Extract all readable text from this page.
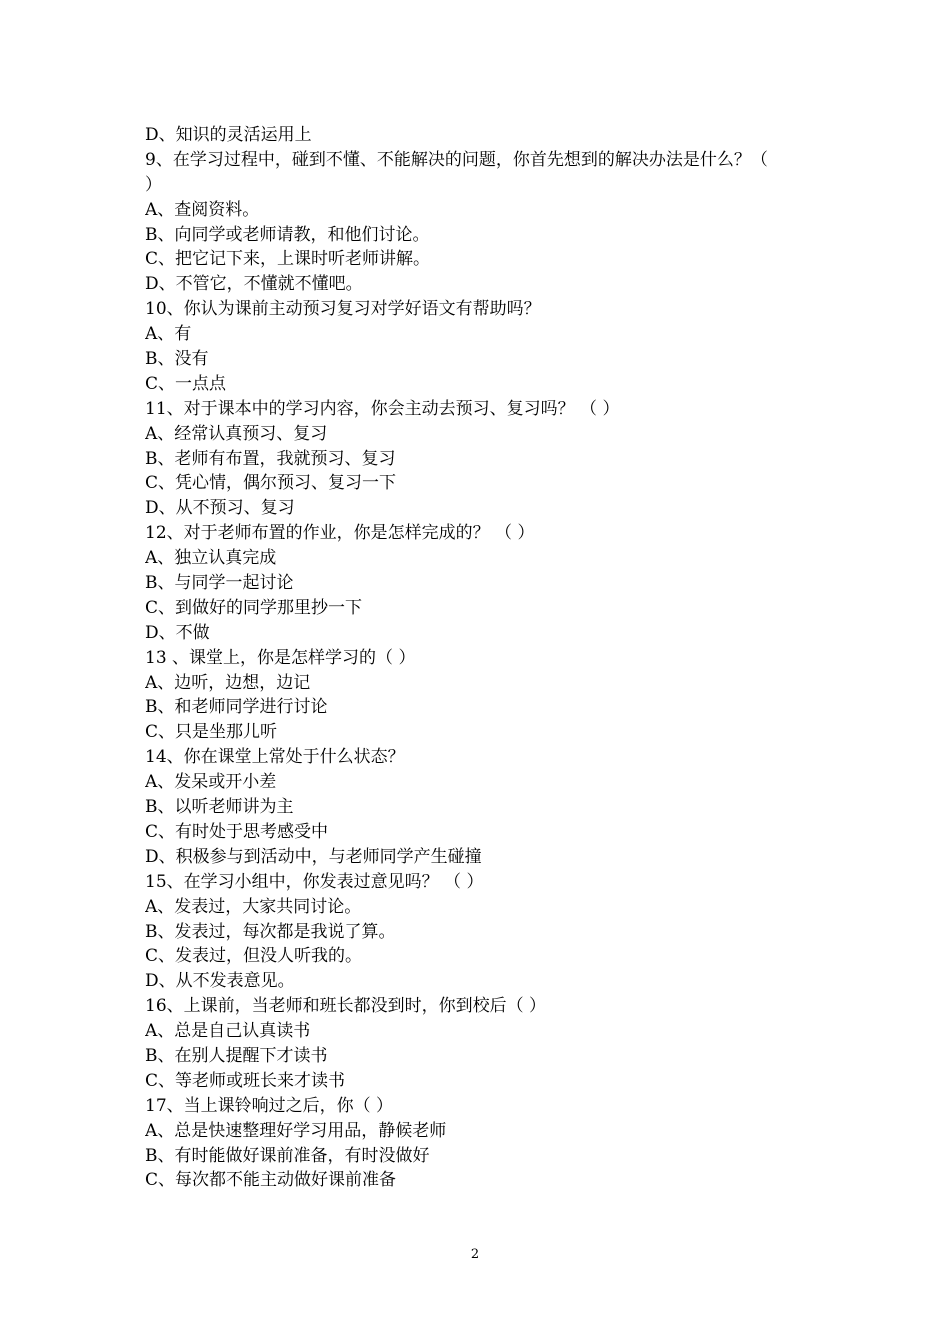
D、知识的灵活运用上
9、在学习过程中，碰到不懂、不能解决的问题，你首先想到的解决办法是什么？（
）
A、查阅资料。
B、向同学或老师请教，和他们讨论。
C、把它记下来，上课时听老师讲解。
D、不管它，不懂就不懂吧。
10、你认为课前主动预习复习对学好语文有帮助吗？
A、有
B、没有
C、一点点
11、对于课本中的学习内容，你会主动去预习、复习吗？ （ ）
A、经常认真预习、复习
B、老师有布置，我就预习、复习
C、凭心情，偶尔预习、复习一下
D、从不预习、复习
12、对于老师布置的作业，你是怎样完成的？ （ ）
A、独立认真完成
B、与同学一起讨论
C、到做好的同学那里抄一下
D、不做
13 、课堂上，你是怎样学习的（ ）
A、边听，边想，边记
B、和老师同学进行讨论
C、只是坐那儿听
14、你在课堂上常处于什么状态？
A、发呆或开小差
B、以听老师讲为主
C、有时处于思考感受中
D、积极参与到活动中，与老师同学产生碰撞
15、在学习小组中，你发表过意见吗？ （ ）
A、发表过，大家共同讨论。
B、发表过，每次都是我说了算。
C、发表过，但没人听我的。
D、从不发表意见。
16、上课前，当老师和班长都没到时，你到校后（ ）
A、总是自己认真读书
B、在别人提醒下才读书
C、等老师或班长来才读书
17、当上课铃响过之后，你（ ）
A、总是快速整理好学习用品，静候老师
B、有时能做好课前准备，有时没做好
C、每次都不能主动做好课前准备
2
